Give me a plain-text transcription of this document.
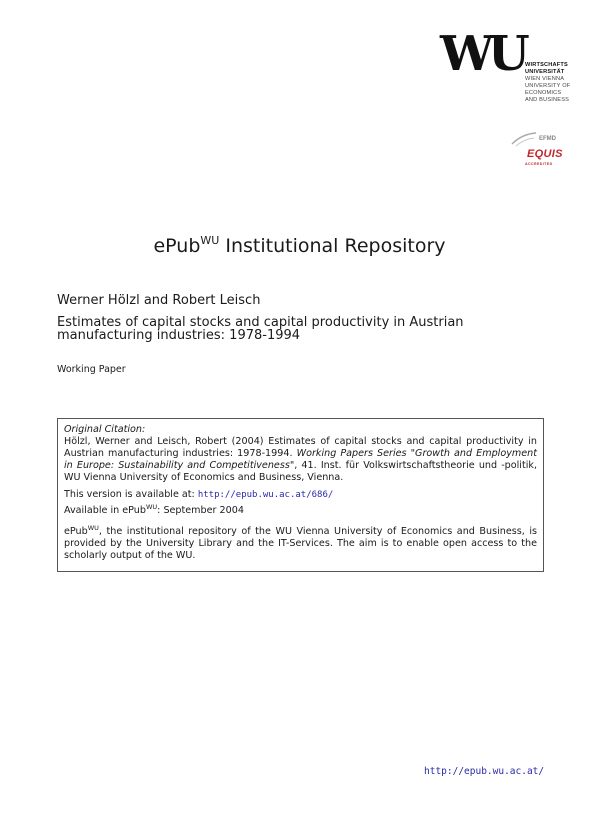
WU WIRTSCHAFTS
UNIVERSITÄT
WIEN VIENNA
UNIVERSITY OF
ECONOMICS
AND BUSINESS
EFMD
EQUIS
ACCREDITED
ePub$^{WU}$ Institutional Repository
Werner Hölzl and Robert Leisch
Estimates of capital stocks and capital productivity in Austrian manufacturing industries: 1978-1994
Working Paper
Original Citation:
Hölzl, Werner and Leisch, Robert (2004) Estimates of capital stocks and capital productivity in Austrian manufacturing industries: 1978-1994. Working Papers Series "Growth and Employment in Europe: Sustainability and Competitiveness", 41. Inst. für Volkswirtschaftstheorie und -politik, WU Vienna University of Economics and Business, Vienna.
This version is available at: http://epub.wu.ac.at/686/
Available in ePub$^{WU}$: September 2004
ePub$^{WU}$, the institutional repository of the WU Vienna University of Economics and Business, is provided by the University Library and the IT-Services. The aim is to enable open access to the scholarly output of the WU.
http://epub.wu.ac.at/
